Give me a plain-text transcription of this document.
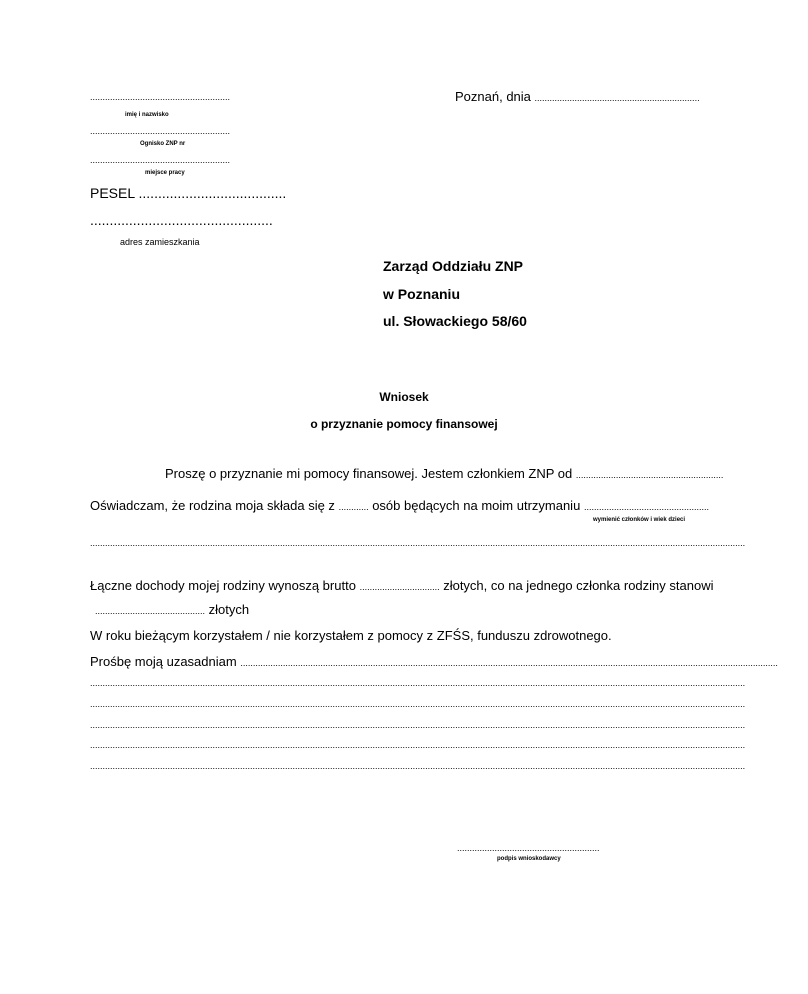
........................................................
imię i nazwisko
........................................................
Ognisko ZNP nr
........................................................
miejsce pracy
PESEL ......................................
...............................................
adres zamieszkania
Poznań, dnia ..................................................................
Zarząd Oddziału ZNP
w Poznaniu
ul. Słowackiego 58/60
Wniosek
o przyznanie pomocy finansowej
Proszę o przyznanie mi pomocy finansowej. Jestem członkiem ZNP od ...........................................................
Oświadczam, że rodzina moja składa się z ............ osób będących na moim utrzymaniu ..................................................
wymienić członków i wiek dzieci
......................................................................................................................................................................................................................................................................
Łączne dochody mojej rodziny wynoszą brutto ................................ złotych, co na jednego członka rodziny stanowi
............................................ złotych
W roku bieżącym korzystałem / nie korzystałem z pomocy z ZFŚS, funduszu zdrowotnego.
Prośbę moją uzasadniam .......................................................................................................................................................................................................................
......................................................................................................................................................................................................................................................................
......................................................................................................................................................................................................................................................................
......................................................................................................................................................................................................................................................................
......................................................................................................................................................................................................................................................................
......................................................................................................................................................................................................................................................................
.........................................................
podpis wnioskodawcy
